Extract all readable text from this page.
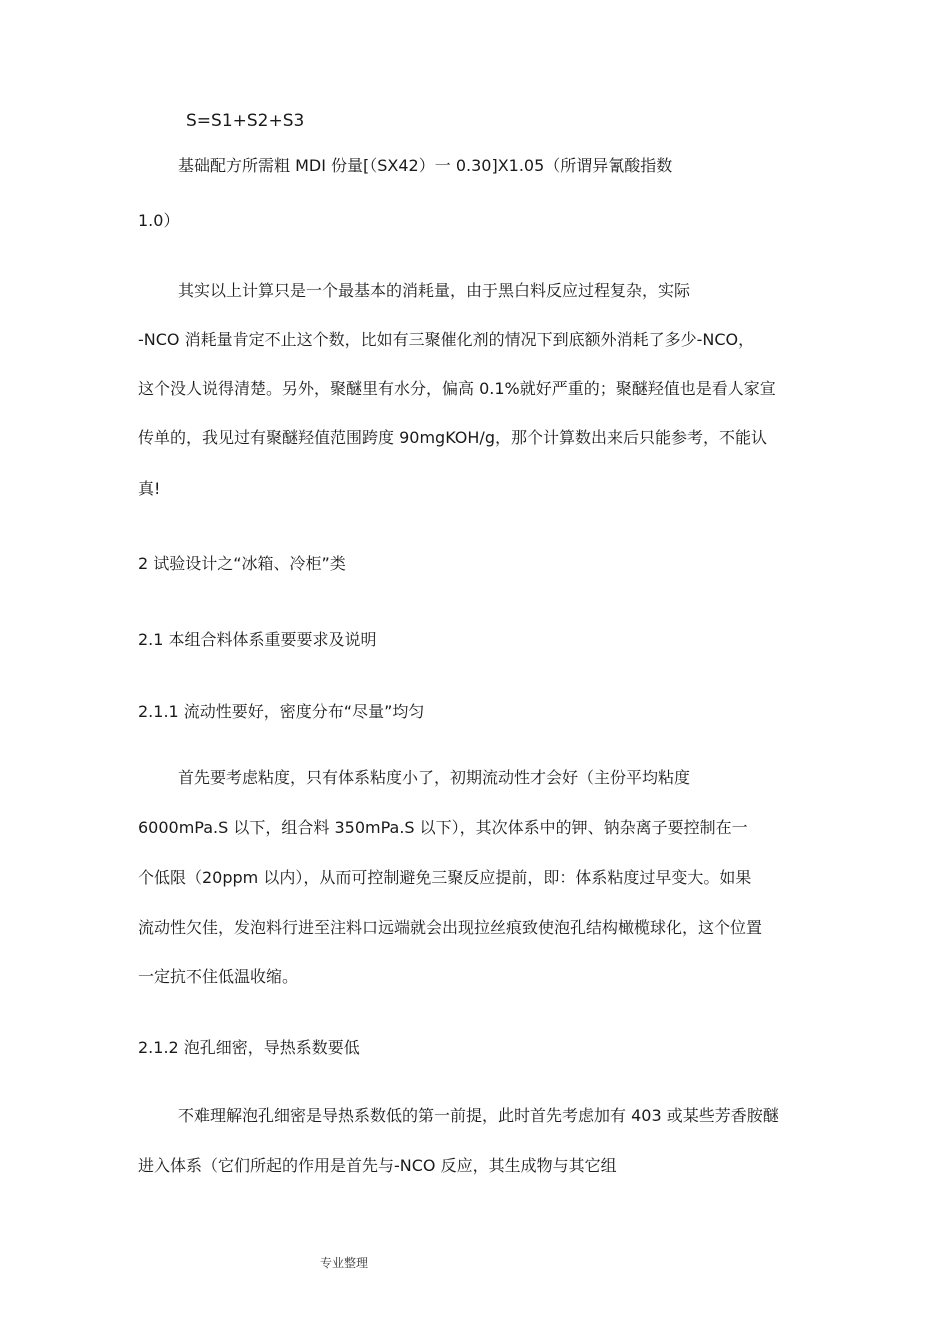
S=S1+S2+S3

基础配方所需粗 MDI 份量[（SX42）一 0.30]X1.05（所谓异氰酸指数

1.0）

其实以上计算只是一个最基本的消耗量，由于黑白料反应过程复杂，实际

-NCO 消耗量肯定不止这个数，比如有三聚催化剂的情况下到底额外消耗了多少-NCO，

这个没人说得清楚。另外，聚醚里有水分，偏高 0.1%就好严重的；聚醚羟值也是看人家宣

传单的，我见过有聚醚羟值范围跨度 90mgKOH/g，那个计算数出来后只能参考，不能认

真!

2 试验设计之“冰箱、冷柜”类

2.1 本组合料体系重要要求及说明

2.1.1 流动性要好，密度分布“尽量”均匀

首先要考虑粘度，只有体系粘度小了，初期流动性才会好（主份平均粘度

6000mPa.S 以下，组合料 350mPa.S 以下），其次体系中的钾、钠杂离子要控制在一

个低限（20ppm 以内），从而可控制避免三聚反应提前，即：体系粘度过早变大。如果

流动性欠佳，发泡料行进至注料口远端就会出现拉丝痕致使泡孔结构橄榄球化，这个位置

一定抗不住低温收缩。

2.1.2 泡孔细密，导热系数要低

不难理解泡孔细密是导热系数低的第一前提，此时首先考虑加有 403 或某些芳香胺醚

进入体系（它们所起的作用是首先与-NCO 反应，其生成物与其它组

专业整理
